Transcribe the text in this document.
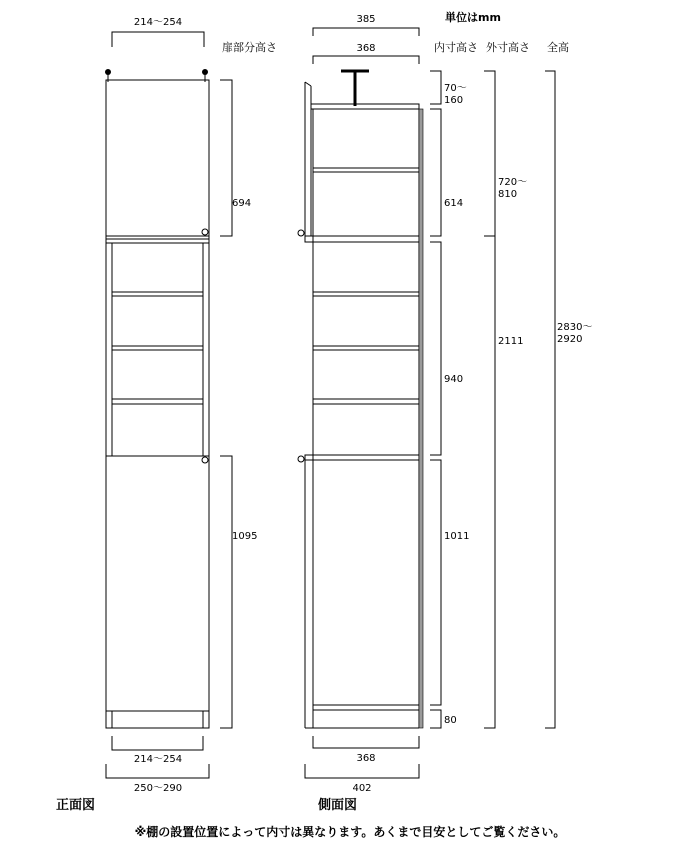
単位はmm
扉部分高さ	内寸高さ 外寸高さ 全高
214〜254
694
1095
214〜254
250〜290
正面図
385
368
368
402
側面図
70〜 160
614
940
1011
80
720〜 810
2111
2830〜 2920
※棚の設置位置によって内寸は異なります。あくまで目安としてご覧ください。
